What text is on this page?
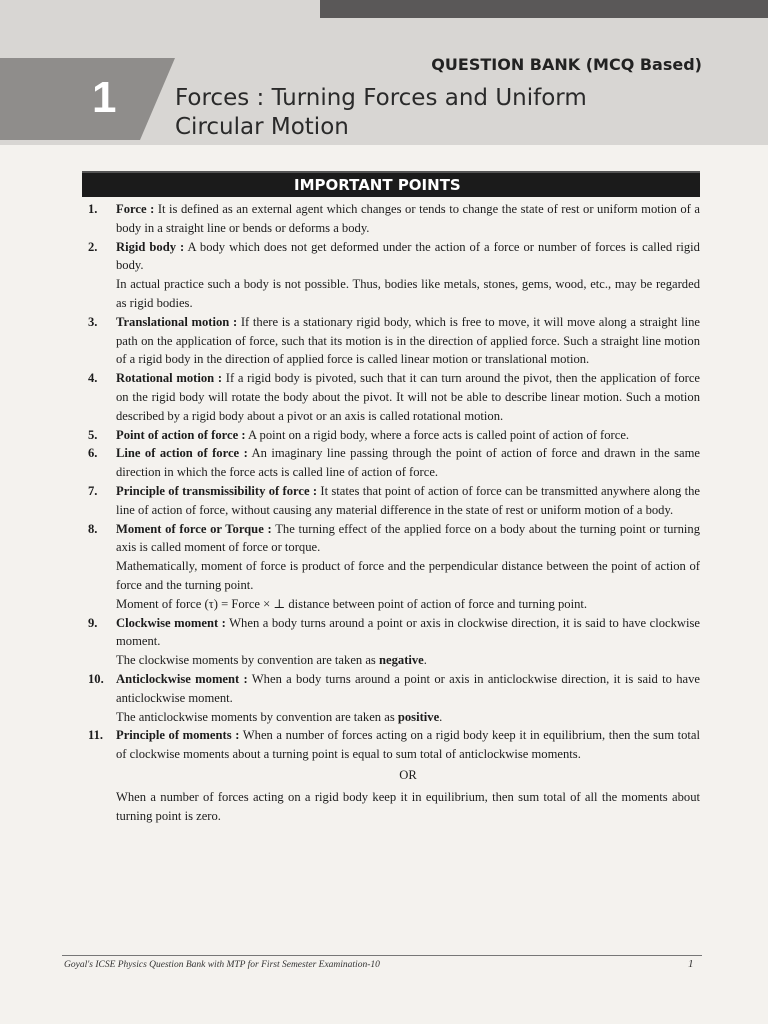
1
QUESTION BANK (MCQ Based)
Forces : Turning Forces and Uniform
Circular Motion
IMPORTANT POINTS
1. Force : It is defined as an external agent which changes or tends to change the state of rest or uniform motion of a body in a straight line or bends or deforms a body.

2. Rigid body : A body which does not get deformed under the action of a force or number of forces is called rigid body.

In actual practice such a body is not possible. Thus, bodies like metals, stones, gems, wood, etc., may be regarded as rigid bodies.

3. Translational motion : If there is a stationary rigid body, which is free to move, it will move along a straight line path on the application of force, such that its motion is in the direction of applied force. Such a straight line motion of a rigid body in the direction of applied force is called linear motion or translational motion.

4. Rotational motion : If a rigid body is pivoted, such that it can turn around the pivot, then the application of force on the rigid body will rotate the body about the pivot. It will not be able to describe linear motion. Such a motion described by a rigid body about a pivot or an axis is called rotational motion.

5. Point of action of force : A point on a rigid body, where a force acts is called point of action of force.

6. Line of action of force : An imaginary line passing through the point of action of force and drawn in the same direction in which the force acts is called line of action of force.

7. Principle of transmissibility of force : It states that point of action of force can be transmitted anywhere along the line of action of force, without causing any material difference in the state of rest or uniform motion of a body.

8. Moment of force or Torque : The turning effect of the applied force on a body about the turning point or turning axis is called moment of force or torque.

Mathematically, moment of force is product of force and the perpendicular distance between the point of action of force and the turning point.

Moment of force (τ) = Force × ⊥ distance between point of action of force and turning point.

9. Clockwise moment : When a body turns around a point or axis in clockwise direction, it is said to have clockwise moment.

The clockwise moments by convention are taken as negative.

10. Anticlockwise moment : When a body turns around a point or axis in anticlockwise direction, it is said to have anticlockwise moment.

The anticlockwise moments by convention are taken as positive.

11. Principle of moments : When a number of forces acting on a rigid body keep it in equilibrium, then the sum total of clockwise moments about a turning point is equal to sum total of anticlockwise moments.

OR

When a number of forces acting on a rigid body keep it in equilibrium, then sum total of all the moments about turning point is zero.

Goyal's ICSE Physics Question Bank with MTP for First Semester Examination-10	1
